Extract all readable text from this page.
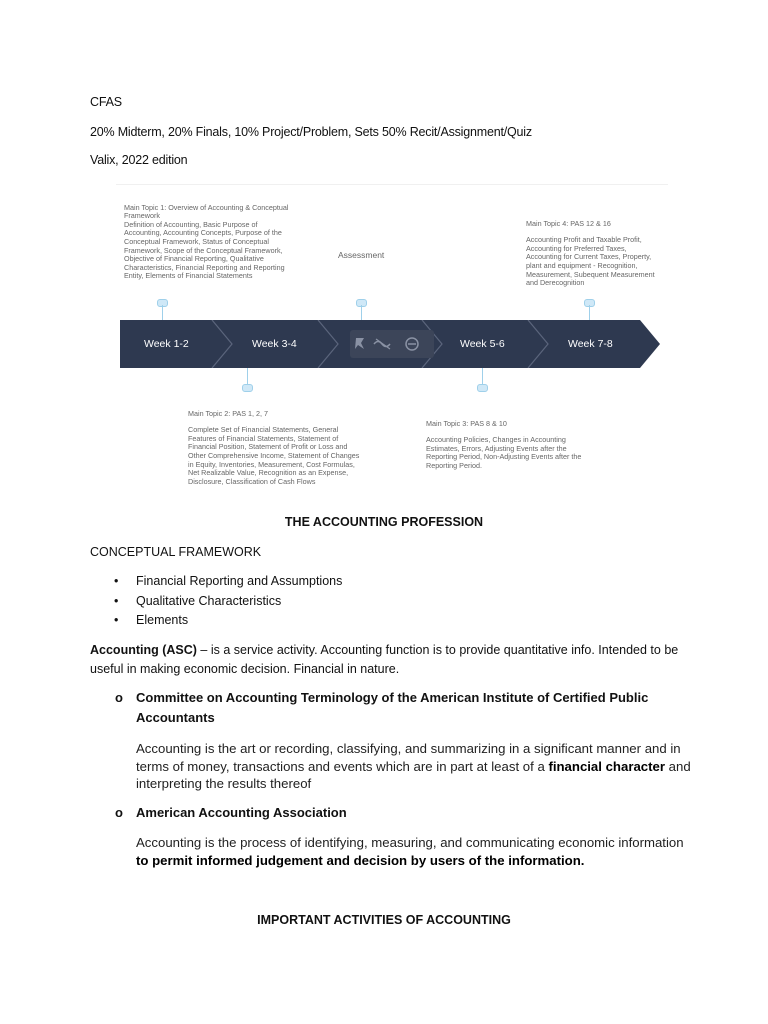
CFAS
20% Midterm, 20% Finals, 10% Project/Problem, Sets 50% Recit/Assignment/Quiz
Valix, 2022 edition

Main Topic 1: Overview of Accounting & Conceptual Framework
Definition of Accounting, Basic Purpose of Accounting, Accounting Concepts, Purpose of the Conceptual Framework, Status of Conceptual Framework, Scope of the Conceptual Framework, Objective of Financial Reporting, Qualitative Characteristics, Financial Reporting and Reporting Entity, Elements of Financial Statements

Assessment

Main Topic 4: PAS 12 & 16
Accounting Profit and Taxable Profit, Accounting for Preferred Taxes, Accounting for Current Taxes, Property, plant and equipment - Recognition, Measurement, Subequent Measurement and Derecognition

Week 1-2	Week 3-4	Week 5-6	Week 7-8

Main Topic 2: PAS 1, 2, 7
Complete Set of Financial Statements, General Features of Financial Statements, Statement of Financial Position, Statement of Profit or Loss and Other Comprehensive Income, Statement of Changes in Equity, Inventories, Measurement, Cost Formulas, Net Realizable Value, Recognition as an Expense, Disclosure, Classification of Cash Flows

Main Topic 3: PAS 8 & 10
Accounting Policies, Changes in Accounting Estimates, Errors, Adjusting Events after the Reporting Period, Non-Adjusting Events after the Reporting Period.

THE ACCOUNTING PROFESSION
CONCEPTUAL FRAMEWORK
• Financial Reporting and Assumptions
• Qualitative Characteristics
• Elements
Accounting (ASC) – is a service activity. Accounting function is to provide quantitative info. Intended to be useful in making economic decision. Financial in nature.
o Committee on Accounting Terminology of the American Institute of Certified Public Accountants
Accounting is the art or recording, classifying, and summarizing in a significant manner and in terms of money, transactions and events which are in part at least of a financial character and interpreting the results thereof
o American Accounting Association
Accounting is the process of identifying, measuring, and communicating economic information to permit informed judgement and decision by users of the information.
IMPORTANT ACTIVITIES OF ACCOUNTING
